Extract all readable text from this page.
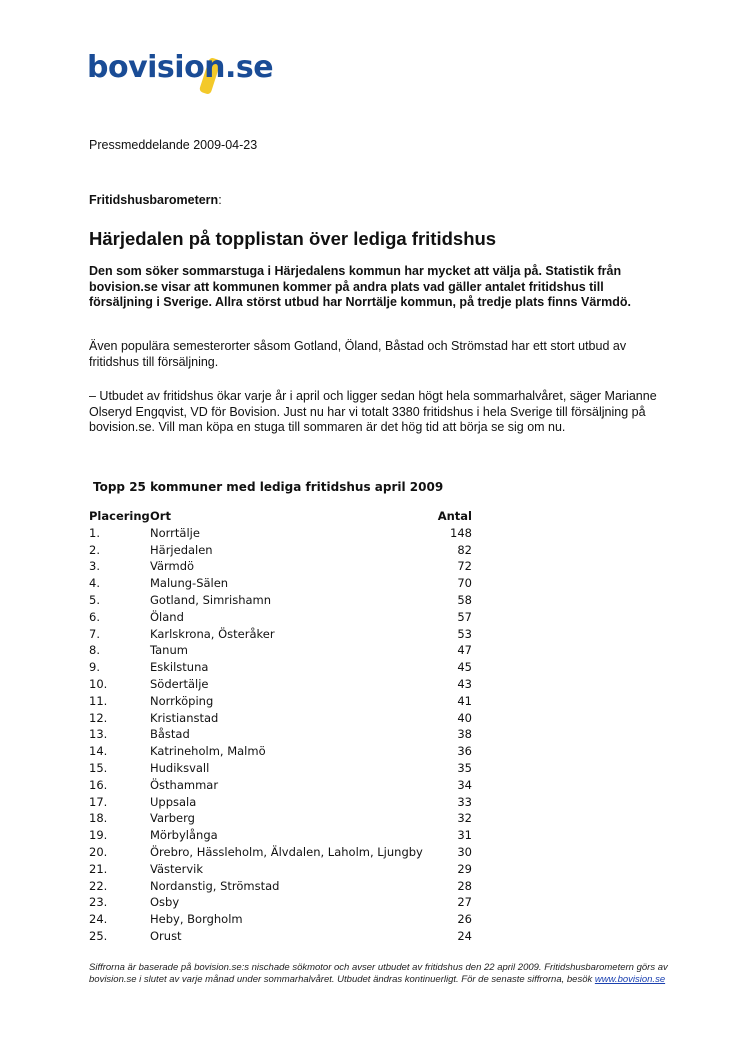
bovision.se
Pressmeddelande 2009-04-23
Fritidshusbarometern:
Härjedalen på topplistan över lediga fritidshus
Den som söker sommarstuga i Härjedalens kommun har mycket att välja på. Statistik från bovision.se visar att kommunen kommer på andra plats vad gäller antalet fritidshus till försäljning i Sverige. Allra störst utbud har Norrtälje kommun, på tredje plats finns Värmdö.
Även populära semesterorter såsom Gotland, Öland, Båstad och Strömstad har ett stort utbud av fritidshus till försäljning.
– Utbudet av fritidshus ökar varje år i april och ligger sedan högt hela sommarhalvåret, säger Marianne Olseryd Engqvist, VD för Bovision. Just nu har vi totalt 3380 fritidshus i hela Sverige till försäljning på bovision.se. Vill man köpa en stuga till sommaren är det hög tid att börja se sig om nu.
Topp 25 kommuner med lediga fritidshus april 2009
Placering Ort	Antal
1.	Norrtälje	148
2.	Härjedalen	82
3.	Värmdö	72
4.	Malung-Sälen	70
5.	Gotland, Simrishamn	58
6.	Öland	57
7.	Karlskrona, Österåker	53
8.	Tanum	47
9.	Eskilstuna	45
10.	Södertälje	43
11.	Norrköping	41
12.	Kristianstad	40
13.	Båstad	38
14.	Katrineholm, Malmö	36
15.	Hudiksvall	35
16.	Östhammar	34
17.	Uppsala	33
18.	Varberg	32
19.	Mörbylånga	31
20.	Örebro, Hässleholm, Älvdalen, Laholm, Ljungby	30
21.	Västervik	29
22.	Nordanstig, Strömstad	28
23.	Osby	27
24.	Heby, Borgholm	26
25.	Orust	24
Siffrorna är baserade på bovision.se:s nischade sökmotor och avser utbudet av fritidshus den 22 april 2009. Fritidshusbarometern görs av bovision.se i slutet av varje månad under sommarhalvåret. Utbudet ändras kontinuerligt. För de senaste siffrorna, besök www.bovision.se
